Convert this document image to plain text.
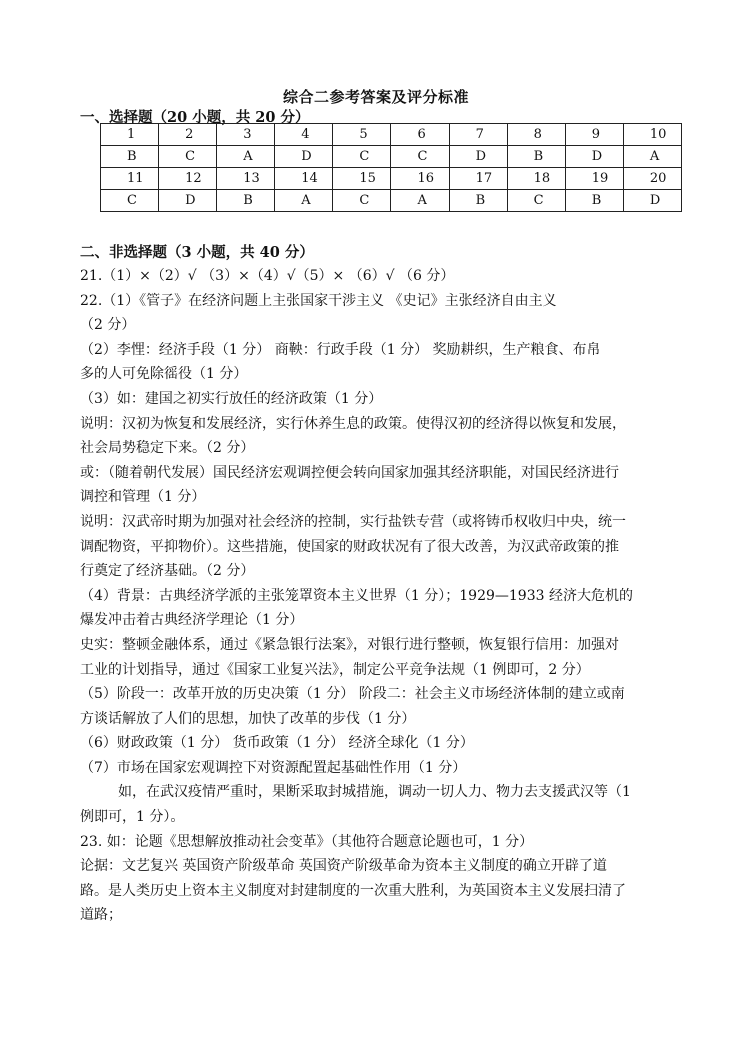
综合二参考答案及评分标准
一、选择题（20 小题，共 20 分）
1	2	3	4	5	6	7	8	9	10
B	C	A	D	C	C	D	B	D	A
11	12	13	14	15	16	17	18	19	20
C	D	B	A	C	A	B	C	B	D
二、非选择题（3 小题，共 40 分）

21.（1）×（2）√ （3）×（4）√（5）× （6）√ （6 分）

22.（1）《管子》在经济问题上主张国家干涉主义 《史记》主张经济自由主义

（2 分）

（2）李悝：经济手段（1 分） 商鞅：行政手段（1 分） 奖励耕织，生产粮食、布帛

多的人可免除徭役（1 分）

（3）如：建国之初实行放任的经济政策（1 分）

说明：汉初为恢复和发展经济，实行休养生息的政策。使得汉初的经济得以恢复和发展，

社会局势稳定下来。（2 分）

或：（随着朝代发展）国民经济宏观调控便会转向国家加强其经济职能，对国民经济进行

调控和管理（1 分）

说明：汉武帝时期为加强对社会经济的控制，实行盐铁专营（或将铸币权收归中央，统一

调配物资，平抑物价）。这些措施，使国家的财政状况有了很大改善，为汉武帝政策的推

行奠定了经济基础。（2 分）

（4）背景：古典经济学派的主张笼罩资本主义世界（1 分）；1929—1933 经济大危机的

爆发冲击着古典经济学理论（1 分）

史实：整顿金融体系，通过《紧急银行法案》，对银行进行整顿，恢复银行信用：加强对

工业的计划指导，通过《国家工业复兴法》，制定公平竞争法规（1 例即可，2 分）

（5）阶段一：改革开放的历史决策（1 分） 阶段二：社会主义市场经济体制的建立或南

方谈话解放了人们的思想，加快了改革的步伐（1 分）

（6）财政政策（1 分） 货币政策（1 分） 经济全球化（1 分）

（7）市场在国家宏观调控下对资源配置起基础性作用（1 分）

如，在武汉疫情严重时，果断采取封城措施，调动一切人力、物力去支援武汉等（1

例即可，1 分）。

23. 如：论题《思想解放推动社会变革》（其他符合题意论题也可，1 分）

论据：文艺复兴 英国资产阶级革命 英国资产阶级革命为资本主义制度的确立开辟了道

路。是人类历史上资本主义制度对封建制度的一次重大胜利，为英国资本主义发展扫清了

道路；
